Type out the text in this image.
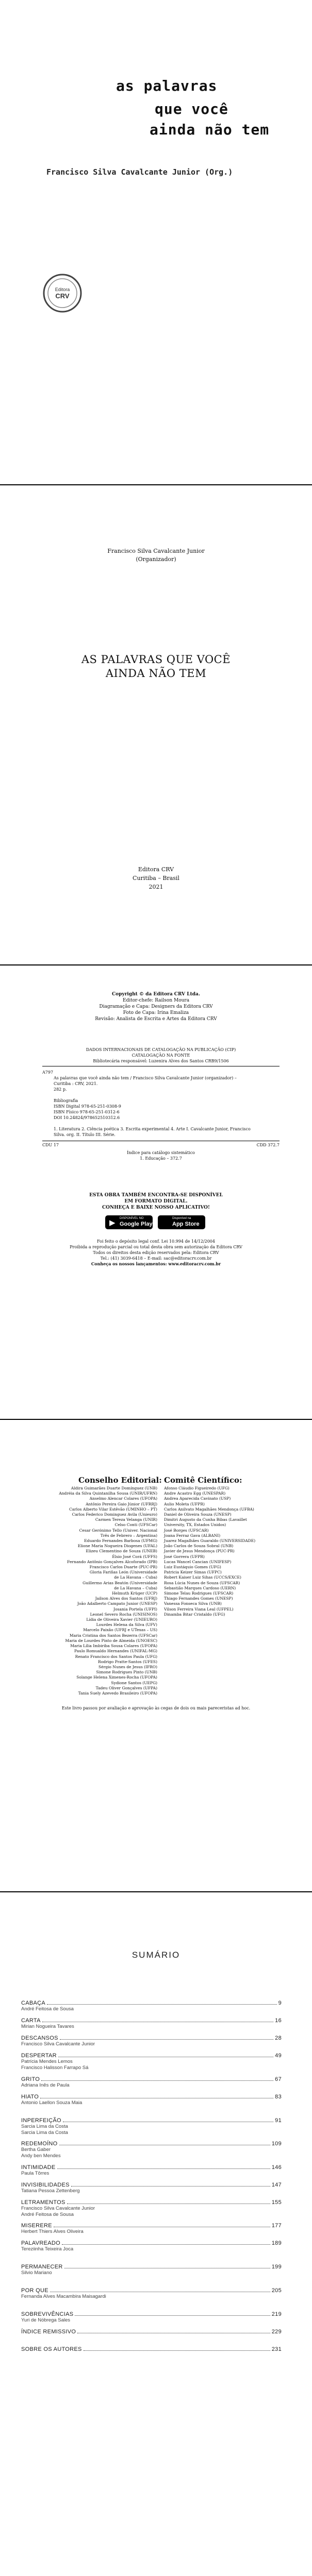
as palavras
que você
ainda não tem
Francisco Silva Cavalcante Junior (Org.)
Editora
CRV
Francisco Silva Cavalcante Junior
(Organizador)
AS PALAVRAS QUE VOCÊ
AINDA NÃO TEM
Editora CRV
Curitiba – Brasil
2021
Copyright © da Editora CRV Ltda.
Editor-chefe: Railson Moura
Diagramação e Capa: Designers da Editora CRV
Foto de Capa: Irina Emaliza
Revisão: Analista de Escrita e Artes da Editora CRV
DADOS INTERNACIONAIS DE CATALOGAÇÃO NA PUBLICAÇÃO (CIP)
CATALOGAÇÃO NA FONTE
Bibliotecária responsável: Luzenira Alves dos Santos CRB9/1506
A797
As palavras que você ainda não tem / Francisco Silva Cavalcante Junior (organizador) –
Curitiba : CRV, 2021.
282 p.
Bibliografia
ISBN Digital 978-65-251-0308-9
ISBN Físico 978-65-251-0312-6
DOI 10.24824/978652510312.6
1. Literatura 2. Ciência poética 3. Escrita experimental 4. Arte I. Cavalcante Junior, Francisco
Silva. org. II. Título III. Série.
CDU 17	CDD 372.7
Índice para catálogo sistemático
1. Educação – 372.7
ESTA OBRA TAMBÉM ENCONTRA-SE DISPONÍVEL
EM FORMATO DIGITAL.
CONHEÇA E BAIXE NOSSO APLICATIVO!
▶ DISPONÍVEL NO
Google Play
Disponível na
App Store
Foi feito o depósito legal conf. Lei 10.994 de 14/12/2004
Proibida a reprodução parcial ou total desta obra sem autorização da Editora CRV
Todos os direitos desta edição reservados pela: Editora CRV
Tel.: (41) 3039-6418 – E-mail: sac@editoracrv.com.br
Conheça os nossos lançamentos: www.editoracrv.com.br
Conselho Editorial: Comitê Científico:
Aldira Guimarães Duarte Domínguez (UNB)
Andréia da Silva Quintanilha Sousa (UNIR/UFRN)
Anselmo Alencar Colares (UFOPA)
Antônio Pereira Gaio Júnior (UFRRJ)
Carlos Alberto Vilar Estêvão (UMINHO – PT)
Carlos Federico Dominguez Avila (Unieuro)
Carmen Tereza Velanga (UNIR)
Celso Conti (UFSCar)
Cesar Gerónimo Tello (Univer. Nacional
Três de Febrero – Argentina)
Eduardo Fernandes Barbosa (UFMG)
Elione Maria Nogueira Diogenes (UFAL)
Elizeu Clementino de Souza (UNEB)
Élsio José Corá (UFFS)
Fernando Antônio Gonçalves Alcoforado (IPB)
Francisco Carlos Duarte (PUC-PR)
Gloria Fariñas León (Universidade
de La Havana – Cuba)
Guillermo Arias Beatón (Universidade
de La Havana – Cuba)
Helmuth Krüger (UCP)
Jailson Alves dos Santos (UFRJ)
João Adalberto Campato Junior (UNESP)
Josania Portela (UFPI)
Leonel Severo Rocha (UNISINOS)
Lídia de Oliveira Xavier (UNIEURO)
Lourdes Helena da Silva (UFV)
Marcelo Paixão (UFRJ e UTexas – US)
Maria Cristina dos Santos Bezerra (UFSCar)
Maria de Lourdes Pinto de Almeida (UNOESC)
Maria Lília Imbiriba Sousa Colares (UFOPA)
Paulo Romualdo Hernandes (UNIFAL-MG)
Renato Francisco dos Santos Paula (UFG)
Rodrigo Pratte-Santos (UFES)
Sérgio Nunes de Jesus (IFRO)
Simone Rodrigues Pinto (UNB)
Solange Helena Ximenes-Rocha (UFOPA)
Sydione Santos (UEPG)
Tadeu Oliver Gonçalves (UFPA)
Tania Suely Azevedo Brasileiro (UFOPA)
Afonso Cláudio Figueiredo (UFG)
Andre Acastro Egg (UNESPAR)
Andrea Aparecida Cavinato (USP)
Aulio Moleta (UFPR)
Carlos Anilvato Magalhães Mendonça (UFBA)
Daniel de Oliveira Souza (UNESP)
Dimitri Augusto da Cunha Bibas (Lavaillet
University, TX, Estados Unidos)
José Borges (UFSCAR)
Joana Ferraz Gava (ALBANI)
Juarez Magalhães Guaraldo (UNIVERSIDADE)
João Carlos de Souza Sobral (UNB)
Javier de Jesus Mendonça (PUC-PR)
José Gorrera (UFPR)
Lucas Wancel Cancian (UNIFESP)
Luiz Eustáquio Gomes (UFG)
Patricia Keizer Simas (UFPC)
Robert Kaiser Luiz Sihas (UCCS/EXCE)
Rosa Lúcia Nunes de Souza (UFSCAR)
Sebastião Marques Cardoso (UERN)
Simone Telau Rodrigues (UFSCAR)
Thiago Fernandes Gomes (UNESP)
Vanessa Fonseca Silva (UNB)
Vilson Ferreira Viana Leal (UFPEL)
Dinamba Bitar Cristaldo (UFG)
Este livro passou por avaliação e aprovação às cegas de dois ou mais pareceristas ad hoc.
SUMÁRIO
CABAÇA	9
André Feitosa de Sousa
CARTA	16
Mirian Nogueira Tavares
DESCANSOS	28
Francisco Silva Cavalcante Junior
DESPERTAR	49
Patrícia Mendes Lemos
Francisco Halisson Farrapo Sá
GRITO	67
Adriana Inês de Paula
HIATO	83
Antonio Laellon Souza Maia
INPERFEIÇÃO	91
Sarcia Lima da Costa
Sarcia Lima da Costa
REDEMOÍNO	109
Bertha Gaber
Andy ben Mendes
INTIMIDADE	146
Paula Tôrres
INVISIBILIDADES	147
Tatiana Pessoa Zettenberg
LETRAMENTOS	155
Francisco Silva Cavalcante Junior
André Feitosa de Sousa
MISERERE	177
Herbert Thiers Alves Oliveira
PALAVREADO	189
Tereziinha Teixeira Joca
PERMANECER	199
Silvio Mariano
POR QUE	205
Fernanda Alves Macambira Maisagardi
SOBREVIVÊNCIAS	219
Yuri de Nóbrega Sales
ÍNDICE REMISSIVO	229
SOBRE OS AUTORES	231
